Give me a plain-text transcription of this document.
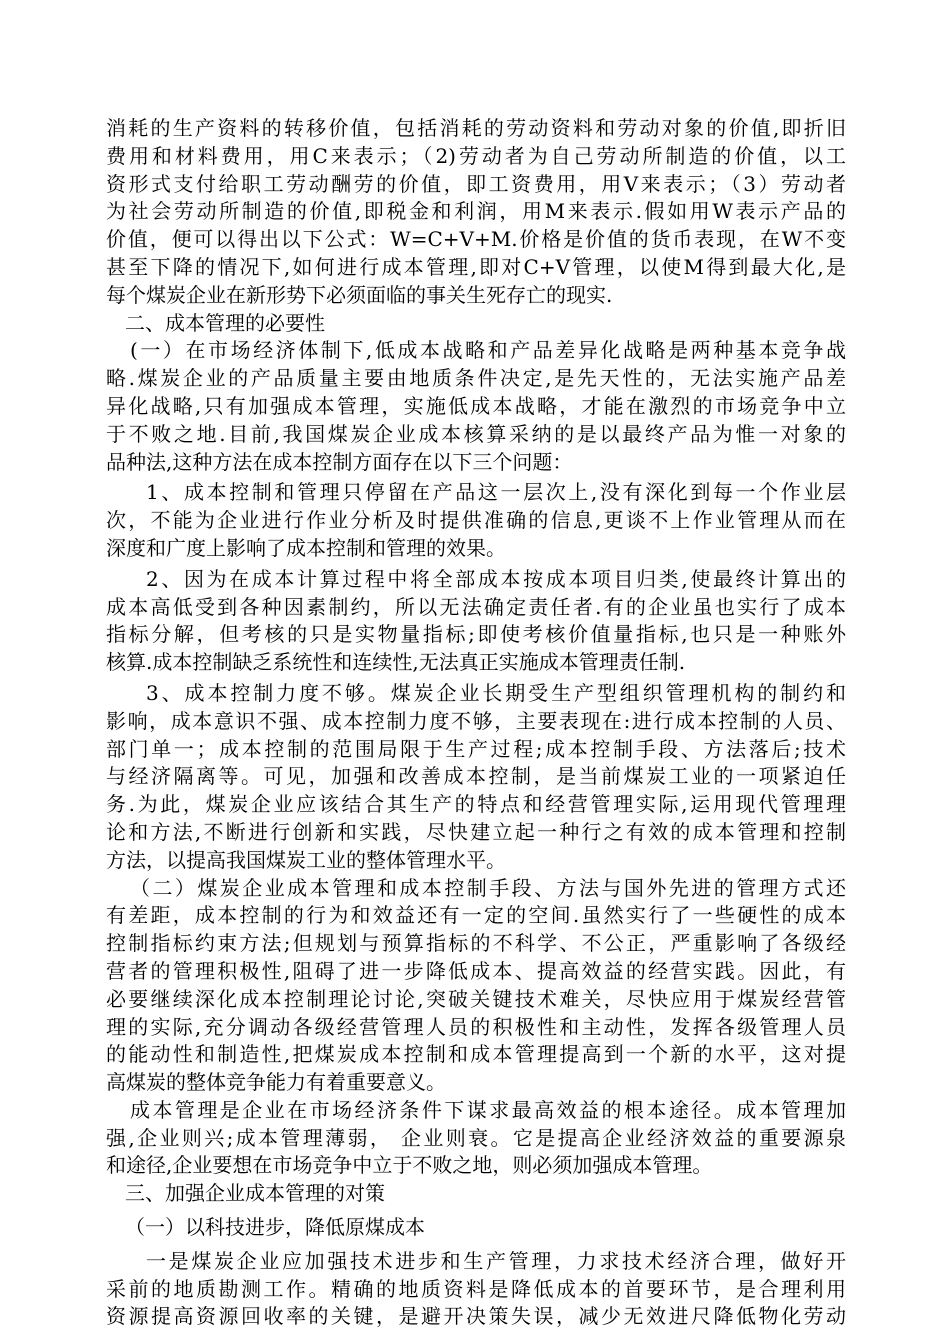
消耗的生产资料的转移价值，包括消耗的劳动资料和劳动对象的价值,即折旧
费用和材料费用，用C来表示；（2)劳动者为自己劳动所制造的价值，以工
资形式支付给职工劳动酬劳的价值，即工资费用，用V来表示；（3）劳动者
为社会劳动所制造的价值,即税金和利润，用M来表示.假如用W表示产品的
价值，便可以得出以下公式：W=C+V+M.价格是价值的货币表现，在W不变
甚至下降的情况下,如何进行成本管理,即对C+V管理，以使M得到最大化,是
每个煤炭企业在新形势下必须面临的事关生死存亡的现实.
二、成本管理的必要性
(一）在市场经济体制下,低成本战略和产品差异化战略是两种基本竞争战
略.煤炭企业的产品质量主要由地质条件决定,是先天性的，无法实施产品差
异化战略,只有加强成本管理，实施低成本战略，才能在激烈的市场竞争中立
于不败之地.目前,我国煤炭企业成本核算采纳的是以最终产品为惟一对象的
品种法,这种方法在成本控制方面存在以下三个问题：
1、成本控制和管理只停留在产品这一层次上,没有深化到每一个作业层
次，不能为企业进行作业分析及时提供准确的信息,更谈不上作业管理从而在
深度和广度上影响了成本控制和管理的效果。
2、因为在成本计算过程中将全部成本按成本项目归类,使最终计算出的
成本高低受到各种因素制约，所以无法确定责任者.有的企业虽也实行了成本
指标分解，但考核的只是实物量指标;即使考核价值量指标,也只是一种账外
核算.成本控制缺乏系统性和连续性,无法真正实施成本管理责任制.
3、成本控制力度不够。煤炭企业长期受生产型组织管理机构的制约和
影响，成本意识不强、成本控制力度不够，主要表现在:进行成本控制的人员、
部门单一；成本控制的范围局限于生产过程;成本控制手段、方法落后;技术
与经济隔离等。可见，加强和改善成本控制，是当前煤炭工业的一项紧迫任
务.为此，煤炭企业应该结合其生产的特点和经营管理实际,运用现代管理理
论和方法,不断进行创新和实践，尽快建立起一种行之有效的成本管理和控制
方法，以提高我国煤炭工业的整体管理水平。
（二）煤炭企业成本管理和成本控制手段、方法与国外先进的管理方式还
有差距，成本控制的行为和效益还有一定的空间.虽然实行了一些硬性的成本
控制指标约束方法;但规划与预算指标的不科学、不公正，严重影响了各级经
营者的管理积极性,阻碍了进一步降低成本、提高效益的经营实践。因此，有
必要继续深化成本控制理论讨论,突破关键技术难关，尽快应用于煤炭经营管
理的实际,充分调动各级经营管理人员的积极性和主动性，发挥各级管理人员
的能动性和制造性,把煤炭成本控制和成本管理提高到一个新的水平，这对提
高煤炭的整体竞争能力有着重要意义。
成本管理是企业在市场经济条件下谋求最高效益的根本途径。成本管理加
强,企业则兴;成本管理薄弱， 企业则衰。它是提高企业经济效益的重要源泉
和途径,企业要想在市场竞争中立于不败之地，则必须加强成本管理。
三、加强企业成本管理的对策
（一）以科技进步，降低原煤成本
一是煤炭企业应加强技术进步和生产管理，力求技术经济合理，做好开
采前的地质勘测工作。精确的地质资料是降低成本的首要环节，是合理利用
资源提高资源回收率的关键，是避开决策失误，减少无效进尺降低物化劳动
